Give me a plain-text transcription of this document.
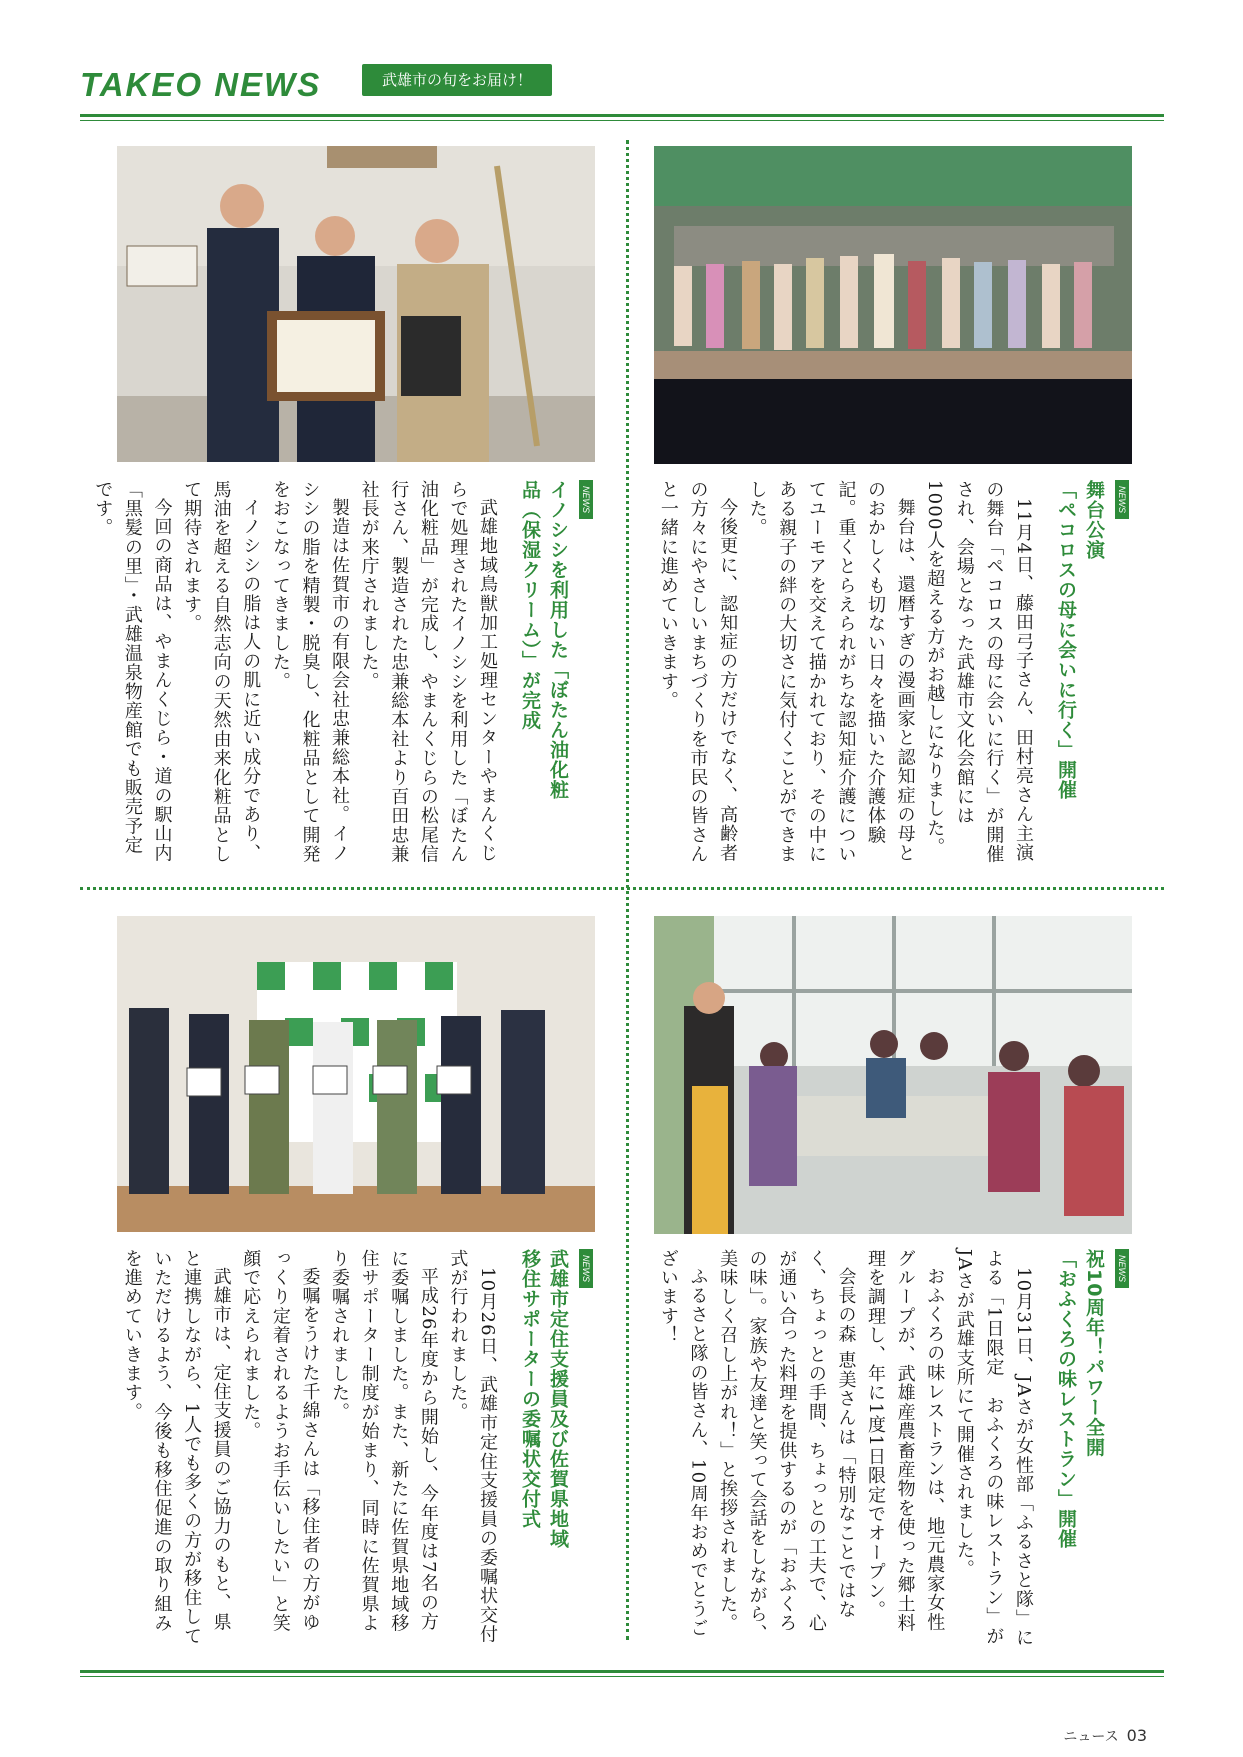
TAKEO NEWS	武雄市の旬をお届け！
NEWS
イノシシを利用した「ぼたん油化粧
品（保湿クリーム）」が完成

武雄地域鳥獣加工処理センターやまんくじらで処理されたイノシシを利用した「ぼたん油化粧品」が完成し、やまんくじらの松尾信行さん、製造された忠兼総本社より百田忠兼社長が来庁されました。

製造は佐賀市の有限会社忠兼総本社。イノシシの脂を精製・脱臭し、化粧品として開発をおこなってきました。

イノシシの脂は人の肌に近い成分であり、馬油を超える自然志向の天然由来化粧品として期待されます。

今回の商品は、やまんくじら・道の駅山内「黒髪の里」・武雄温泉物産館でも販売予定です。	NEWS
舞台公演
「ペコロスの母に会いに行く」開催

11月4日、藤田弓子さん、田村亮さん主演の舞台「ペコロスの母に会いに行く」が開催され、会場となった武雄市文化会館には1000人を超える方がお越しになりました。

舞台は、還暦すぎの漫画家と認知症の母とのおかしくも切ない日々を描いた介護体験記。重くとらえられがちな認知症介護についてユーモアを交えて描かれており、その中にある親子の絆の大切さに気付くことができました。

今後更に、認知症の方だけでなく、高齢者の方々にやさしいまちづくりを市民の皆さんと一緒に進めていきます。

NEWS
武雄市定住支援員及び佐賀県地域
移住サポーターの委嘱状交付式

10月26日、武雄市定住支援員の委嘱状交付式が行われました。

平成26年度から開始し、今年度は7名の方に委嘱しました。また、新たに佐賀県地域移住サポーター制度が始まり、同時に佐賀県より委嘱されました。

委嘱をうけた千綿さんは「移住者の方がゆっくり定着されるようお手伝いしたい」と笑顔で応えられました。

武雄市は、定住支援員のご協力のもと、県と連携しながら、1人でも多くの方が移住していただけるよう、今後も移住促進の取り組みを進めていきます。	NEWS
祝10周年！パワー全開
「おふくろの味レストラン」開催

10月31日、JAさが女性部「ふるさと隊」による「1日限定　おふくろの味レストラン」がJAさが武雄支所にて開催されました。

おふくろの味レストランは、地元農家女性グループが、武雄産農畜産物を使った郷土料理を調理し、年に1度1日限定でオープン。

会長の森 恵美さんは「特別なことではなく、ちょっとの手間、ちょっとの工夫で、心が通い合った料理を提供するのが「おふくろの味」。家族や友達と笑って会話をしながら、美味しく召し上がれ！」と挨拶されました。

ふるさと隊の皆さん、10周年おめでとうございます！

ニュース 03
